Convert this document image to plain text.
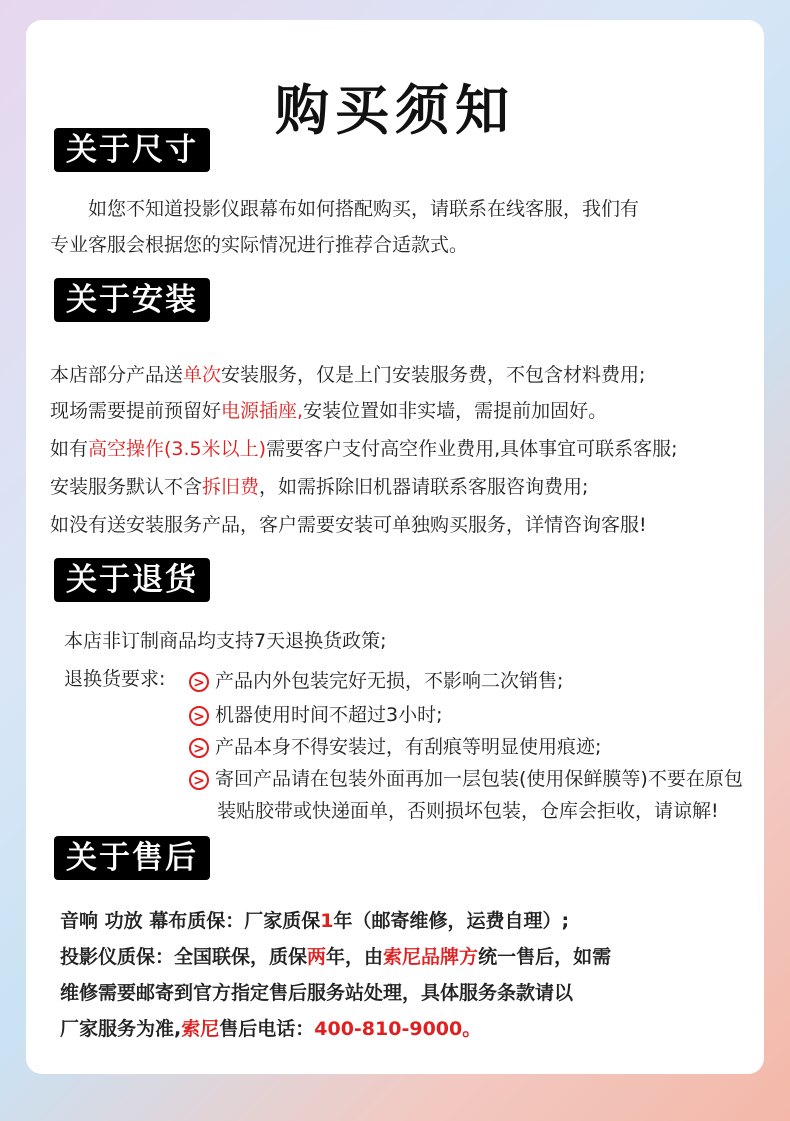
购买须知
关于尺寸
如您不知道投影仪跟幕布如何搭配购买，请联系在线客服，我们有
专业客服会根据您的实际情况进行推荐合适款式。
关于安装
本店部分产品送单次安装服务，仅是上门安装服务费，不包含材料费用;
现场需要提前预留好电源插座,安装位置如非实墙，需提前加固好。
如有高空操作(3.5米以上)需要客户支付高空作业费用,具体事宜可联系客服;
安装服务默认不含拆旧费，如需拆除旧机器请联系客服咨询费用;
如没有送安装服务产品，客户需要安装可单独购买服务，详情咨询客服!
关于退货
本店非订制商品均支持7天退换货政策;
退换货要求: > 产品内外包装完好无损，不影响二次销售;
> 机器使用时间不超过3小时;
> 产品本身不得安装过，有刮痕等明显使用痕迹;
> 寄回产品请在包装外面再加一层包装(使用保鲜膜等)不要在原包
装贴胶带或快递面单，否则损坏包装，仓库会拒收，请谅解!
关于售后
音响 功放 幕布质保：厂家质保1年（邮寄维修，运费自理）;
投影仪质保：全国联保，质保两年，由索尼品牌方统一售后，如需
维修需要邮寄到官方指定售后服务站处理，具体服务条款请以
厂家服务为准,索尼售后电话：400-810-9000。
